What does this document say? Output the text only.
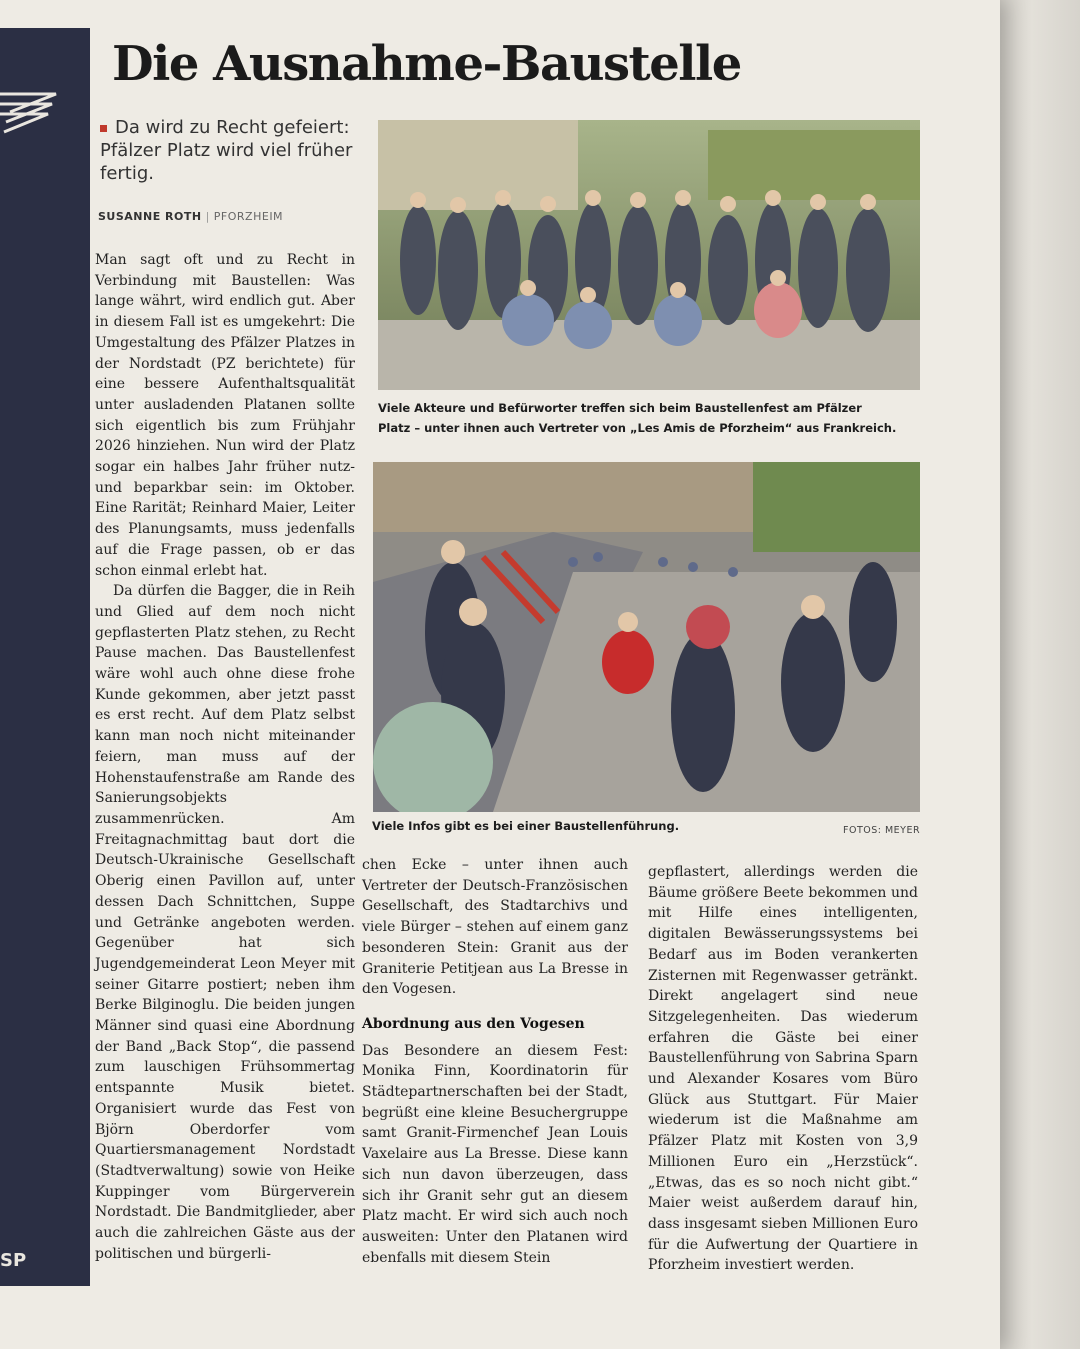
SP
Die Ausnahme-Baustelle
Da wird zu Recht gefeiert: Pfälzer Platz wird viel früher fertig.
SUSANNE ROTH | PFORZHEIM

Man sagt oft und zu Recht in Verbindung mit Baustellen: Was lange währt, wird endlich gut. Aber in diesem Fall ist es umgekehrt: Die Umgestaltung des Pfälzer Platzes in der Nordstadt (PZ berichtete) für eine bessere Aufenthaltsqualität unter ausladenden Platanen sollte sich eigentlich bis zum Frühjahr 2026 hinziehen. Nun wird der Platz sogar ein halbes Jahr früher nutz- und beparkbar sein: im Oktober. Eine Rarität; Reinhard Maier, Leiter des Planungsamts, muss jedenfalls auf die Frage passen, ob er das schon einmal erlebt hat.

Da dürfen die Bagger, die in Reih und Glied auf dem noch nicht gepflasterten Platz stehen, zu Recht Pause machen. Das Baustellenfest wäre wohl auch ohne diese frohe Kunde gekommen, aber jetzt passt es erst recht. Auf dem Platz selbst kann man noch nicht miteinander feiern, man muss auf der Hohenstaufenstraße am Rande des Sanierungsobjekts zusammenrücken. Am Freitagnachmittag baut dort die Deutsch-Ukrainische Gesellschaft Oberig einen Pavillon auf, unter dessen Dach Schnittchen, Suppe und Getränke angeboten werden. Gegenüber hat sich Jugendgemeinderat Leon Meyer mit seiner Gitarre postiert; neben ihm Berke Bilginoglu. Die beiden jungen Männer sind quasi eine Abordnung der Band „Back Stop“, die passend zum lauschigen Frühsommertag entspannte Musik bietet. Organisiert wurde das Fest von Björn Oberdorfer vom Quartiersmanagement Nordstadt (Stadtverwaltung) sowie von Heike Kuppinger vom Bürgerverein Nordstadt. Die Bandmitglieder, aber auch die zahlreichen Gäste aus der politischen und bürgerli-

Viele Akteure und Befürworter treffen sich beim Baustellenfest am Pfälzer Platz – unter ihnen auch Vertreter von „Les Amis de Pforzheim“ aus Frankreich.
Viele Infos gibt es bei einer Baustellenführung.	FOTOS: MEYER

chen Ecke – unter ihnen auch Vertreter der Deutsch-Französischen Gesellschaft, des Stadtarchivs und viele Bürger – stehen auf einem ganz besonderen Stein: Granit aus der Graniterie Petitjean aus La Bresse in den Vogesen.

Abordnung aus den Vogesen

Das Besondere an diesem Fest: Monika Finn, Koordinatorin für Städtepartnerschaften bei der Stadt, begrüßt eine kleine Besuchergruppe samt Granit-Firmenchef Jean Louis Vaxelaire aus La Bresse. Diese kann sich nun davon überzeugen, dass sich ihr Granit sehr gut an diesem Platz macht. Er wird sich auch noch ausweiten: Unter den Platanen wird ebenfalls mit diesem Stein

gepflastert, allerdings werden die Bäume größere Beete bekommen und mit Hilfe eines intelligenten, digitalen Bewässerungssystems bei Bedarf aus im Boden verankerten Zisternen mit Regenwasser getränkt. Direkt angelagert sind neue Sitzgelegenheiten. Das wiederum erfahren die Gäste bei einer Baustellenführung von Sabrina Sparn und Alexander Kosares vom Büro Glück aus Stuttgart. Für Maier wiederum ist die Maßnahme am Pfälzer Platz mit Kosten von 3,9 Millionen Euro ein „Herzstück“. „Etwas, das es so noch nicht gibt.“ Maier weist außerdem darauf hin, dass insgesamt sieben Millionen Euro für die Aufwertung der Quartiere in Pforzheim investiert werden.
